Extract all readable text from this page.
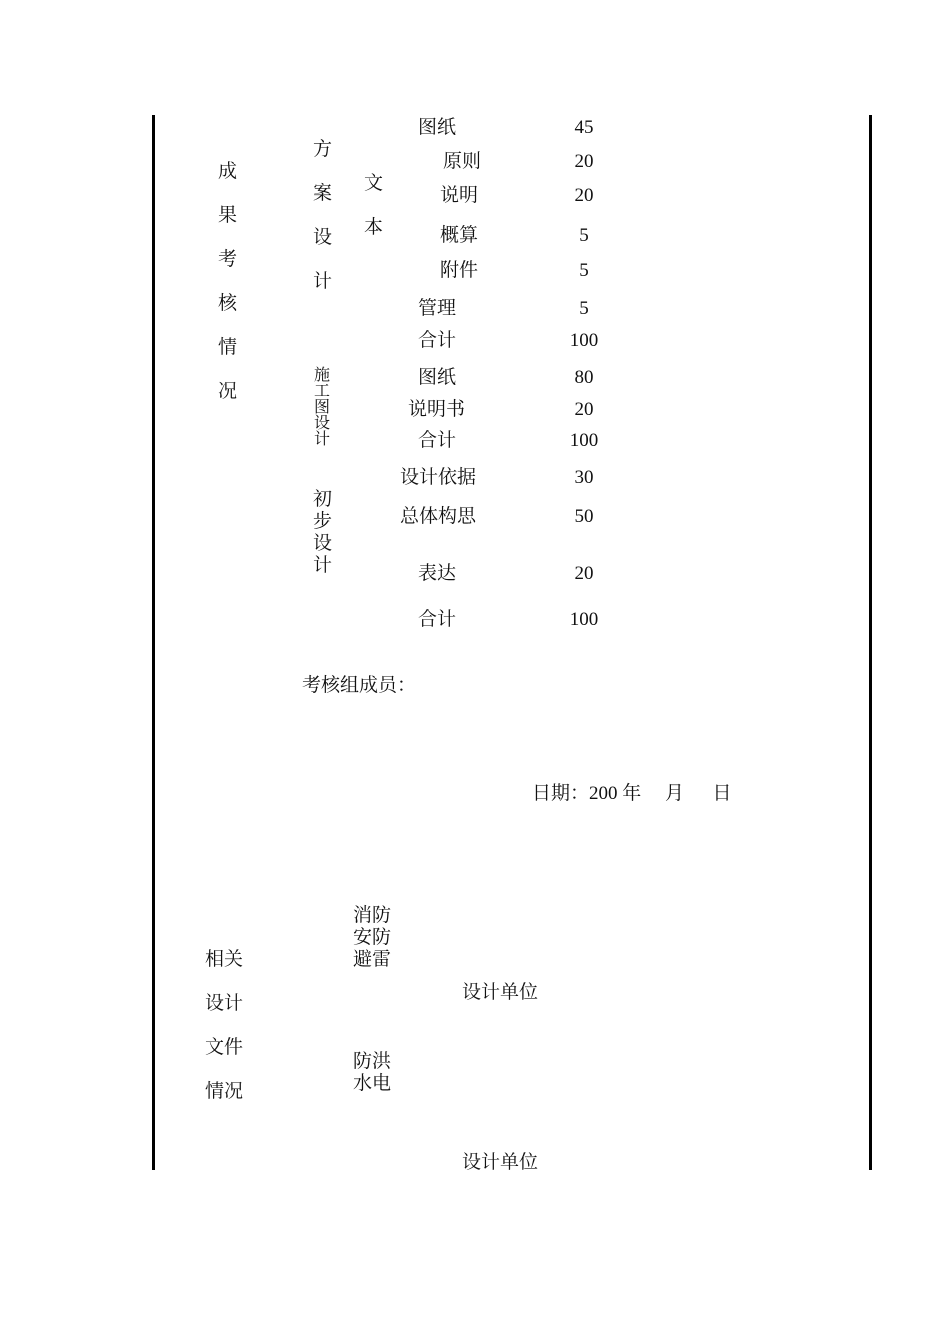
成
果
考
核
情
况
方
案
设
计
文
本
图纸	45
原则	20
说明	20
概算	5
附件	5
管理	5
合计	100
施
工
图
设
计
图纸	80
说明书	20
合计	100
初
步
设
计
设计依据	30
总体构思	50
表达	20
合计	100
考核组成员：
日期：200 年　 月　  日
相关
设计
文件
情况
消防
安防
避雷
设计单位
防洪
水电
设计单位
